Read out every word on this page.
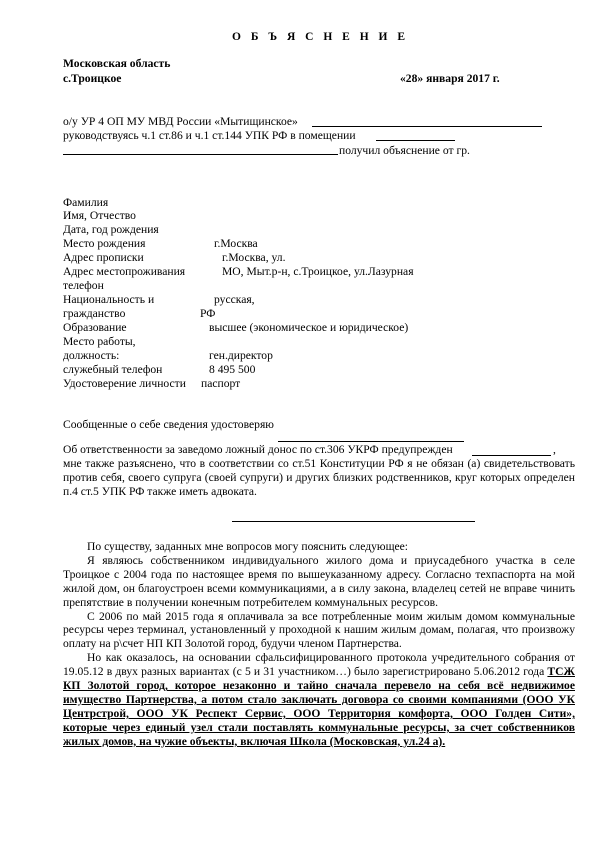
О Б Ъ Я С Н Е Н И Е
Московская область
с.Троицкое	«28» января 2017 г.
о/у УР 4 ОП МУ МВД России «Мытищинское»
руководствуясь ч.1 ст.86 и ч.1 ст.144 УПК РФ в помещении
получил объяснение от гр.
Фамилия
Имя, Отчество
Дата, год рождения
Место рождения	г.Москва
Адрес прописки	г.Москва, ул.
Адрес местопроживания	МО, Мыт.р-н, с.Троицкое, ул.Лазурная
телефон
Национальность и	русская,
гражданство	РФ
Образование	высшее (экономическое и юридическое)
Место работы,
должность:	ген.директор
служебный телефон	8 495 500
Удостоверение личности паспорт
Сообщенные о себе сведения удостоверяю
Об ответственности за заведомо ложный донос по ст.306 УКРФ предупрежден	,
мне также разъяснено, что в соответствии со ст.51 Конституции РФ я не обязан (а) свидетельствовать против себя, своего супруга (своей супруги) и других близких родственников, круг которых определен п.4 ст.5 УПК РФ также иметь адвоката.

По существу, заданных мне вопросов могу пояснить следующее:

Я являюсь собственником индивидуального жилого дома и приусадебного участка в селе Троицкое с 2004 года по настоящее время по вышеуказанному адресу. Согласно техпаспорта на мой жилой дом, он благоустроен всеми коммуникациями, а в силу закона, владелец сетей не вправе чинить препятствие в получении конечным потребителем коммунальных ресурсов.

С 2006 по май 2015 года я оплачивала за все потребленные моим жилым домом коммунальные ресурсы через терминал, установленный у проходной к нашим жилым домам, полагая, что произвожу оплату на р\счет НП КП Золотой город, будучи членом Партнерства.

Но как оказалось, на основании сфальсифицированного протокола учредительного собрания от 19.05.12 в двух разных вариантах (с 5 и 31 участником…) было зарегистрировано 5.06.2012 года ТСЖ КП Золотой город, которое незаконно и тайно сначала перевело на себя всё недвижимое имущество Партнерства, а потом стало заключать договора со своими компаниями (ООО УК Центрстрой, ООО УК Респект Сервис, ООО Территория комфорта, ООО Голден Сити», которые через единый узел стали поставлять коммунальные ресурсы, за счет собственников жилых домов, на чужие объекты, включая Школа (Московская, ул.24 а).
